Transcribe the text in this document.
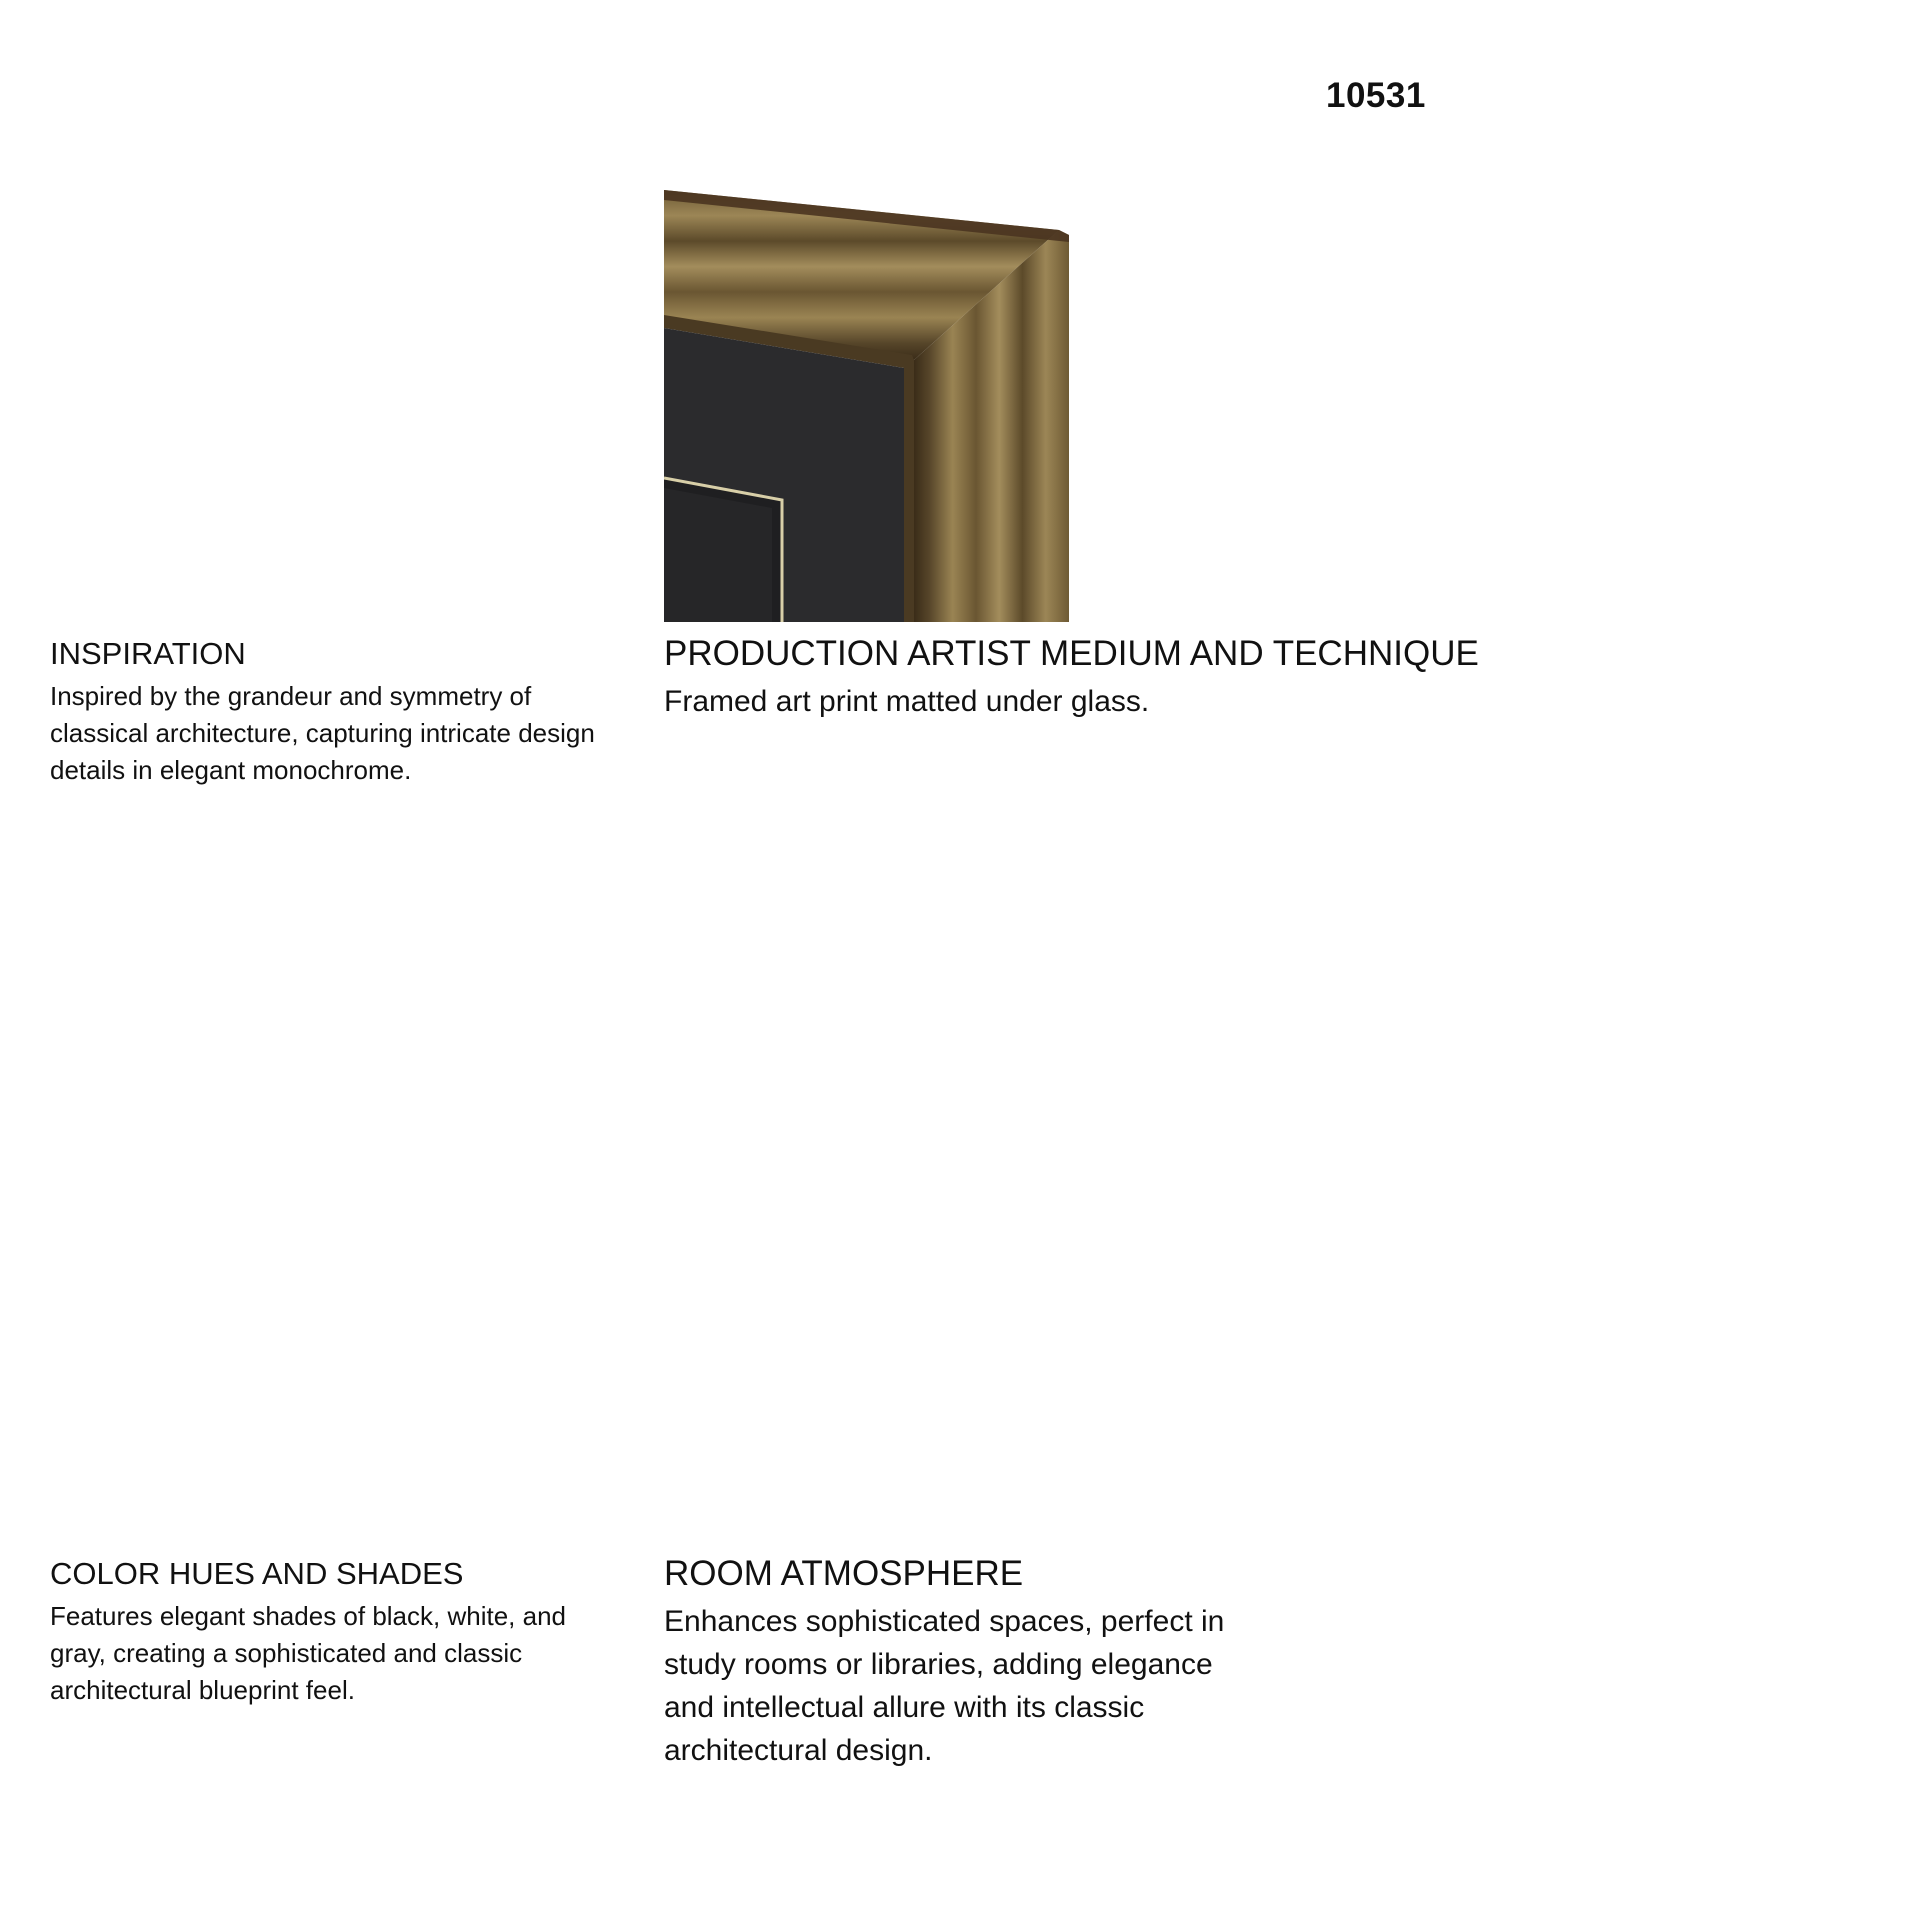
10531
INSPIRATION

Inspired by the grandeur and symmetry of classical architecture, capturing intricate design details in elegant monochrome.

PRODUCTION ARTIST MEDIUM AND TECHNIQUE

Framed art print matted under glass.

COLOR HUES AND SHADES

Features elegant shades of black, white, and gray, creating a sophisticated and classic architectural blueprint feel.

ROOM ATMOSPHERE

Enhances sophisticated spaces, perfect in study rooms or libraries, adding elegance and intellectual allure with its classic architectural design.
